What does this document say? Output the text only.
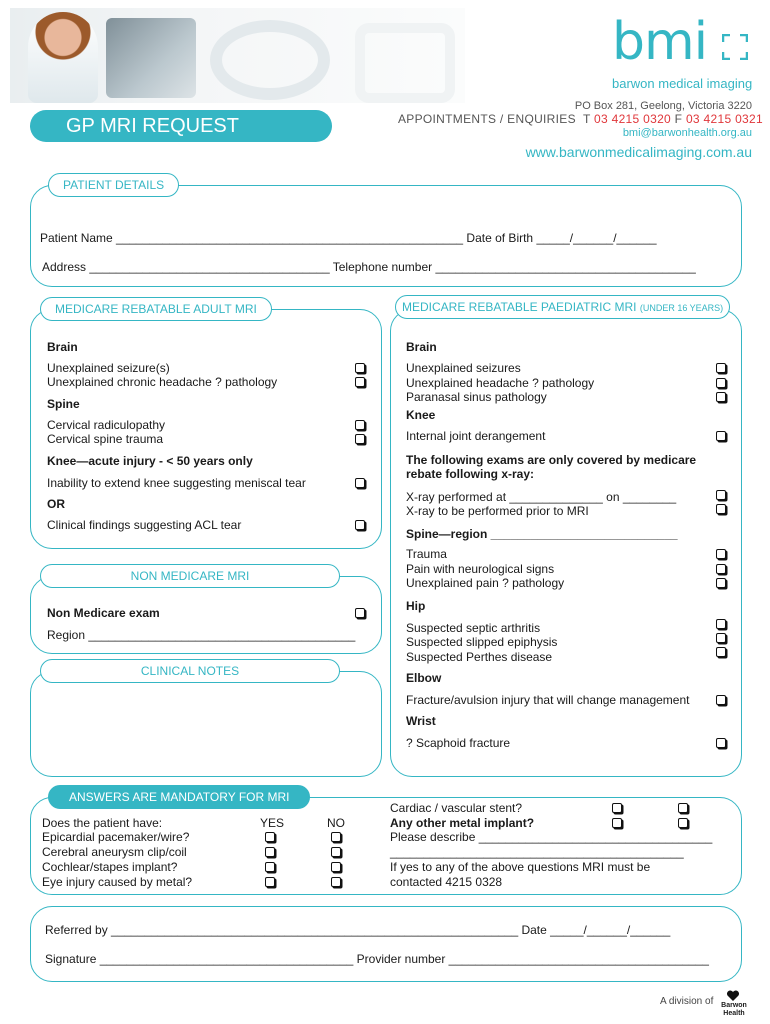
bmi
barwon medical imaging
PO Box 281, Geelong, Victoria 3220
APPOINTMENTS / ENQUIRIES T 03 4215 0320 F 03 4215 0321
bmi@barwonhealth.org.au
www.barwonmedicalimaging.com.au
GP MRI REQUEST
PATIENT DETAILS
Patient Name ____________________________________________________ Date of Birth _____/______/______
Address ____________________________________ Telephone number _______________________________________
MEDICARE REBATABLE ADULT MRI
Brain
Unexplained seizure(s)
Unexplained chronic headache ? pathology
Spine
Cervical radiculopathy
Cervical spine trauma
Knee—acute injury - < 50 years only
Inability to extend knee suggesting meniscal tear
OR
Clinical findings suggesting ACL tear
NON MEDICARE MRI
Non Medicare exam
Region ________________________________________
CLINICAL NOTES
MEDICARE REBATABLE PAEDIATRIC MRI (UNDER 16 YEARS)
Brain
Unexplained seizures
Unexplained headache ? pathology
Paranasal sinus pathology
Knee
Internal joint derangement
The following exams are only covered by medicare
rebate following x-ray:
X-ray performed at ______________ on ________
X-ray to be performed prior to MRI
Spine—region ____________________________
Trauma
Pain with neurological signs
Unexplained pain ? pathology
Hip
Suspected septic arthritis
Suspected slipped epiphysis
Suspected Perthes disease
Elbow
Fracture/avulsion injury that will change management
Wrist
? Scaphoid fracture
ANSWERS ARE MANDATORY FOR MRI
Does the patient have:	YES	NO
Epicardial pacemaker/wire?
Cerebral aneurysm clip/coil
Cochlear/stapes implant?
Eye injury caused by metal?
Cardiac / vascular stent?
Any other metal implant?
Please describe ___________________________________
____________________________________________
If yes to any of the above questions MRI must be
contacted 4215 0328
Referred by _____________________________________________________________ Date _____/______/______
Signature ______________________________________ Provider number _______________________________________
A division of Barwon
Health
